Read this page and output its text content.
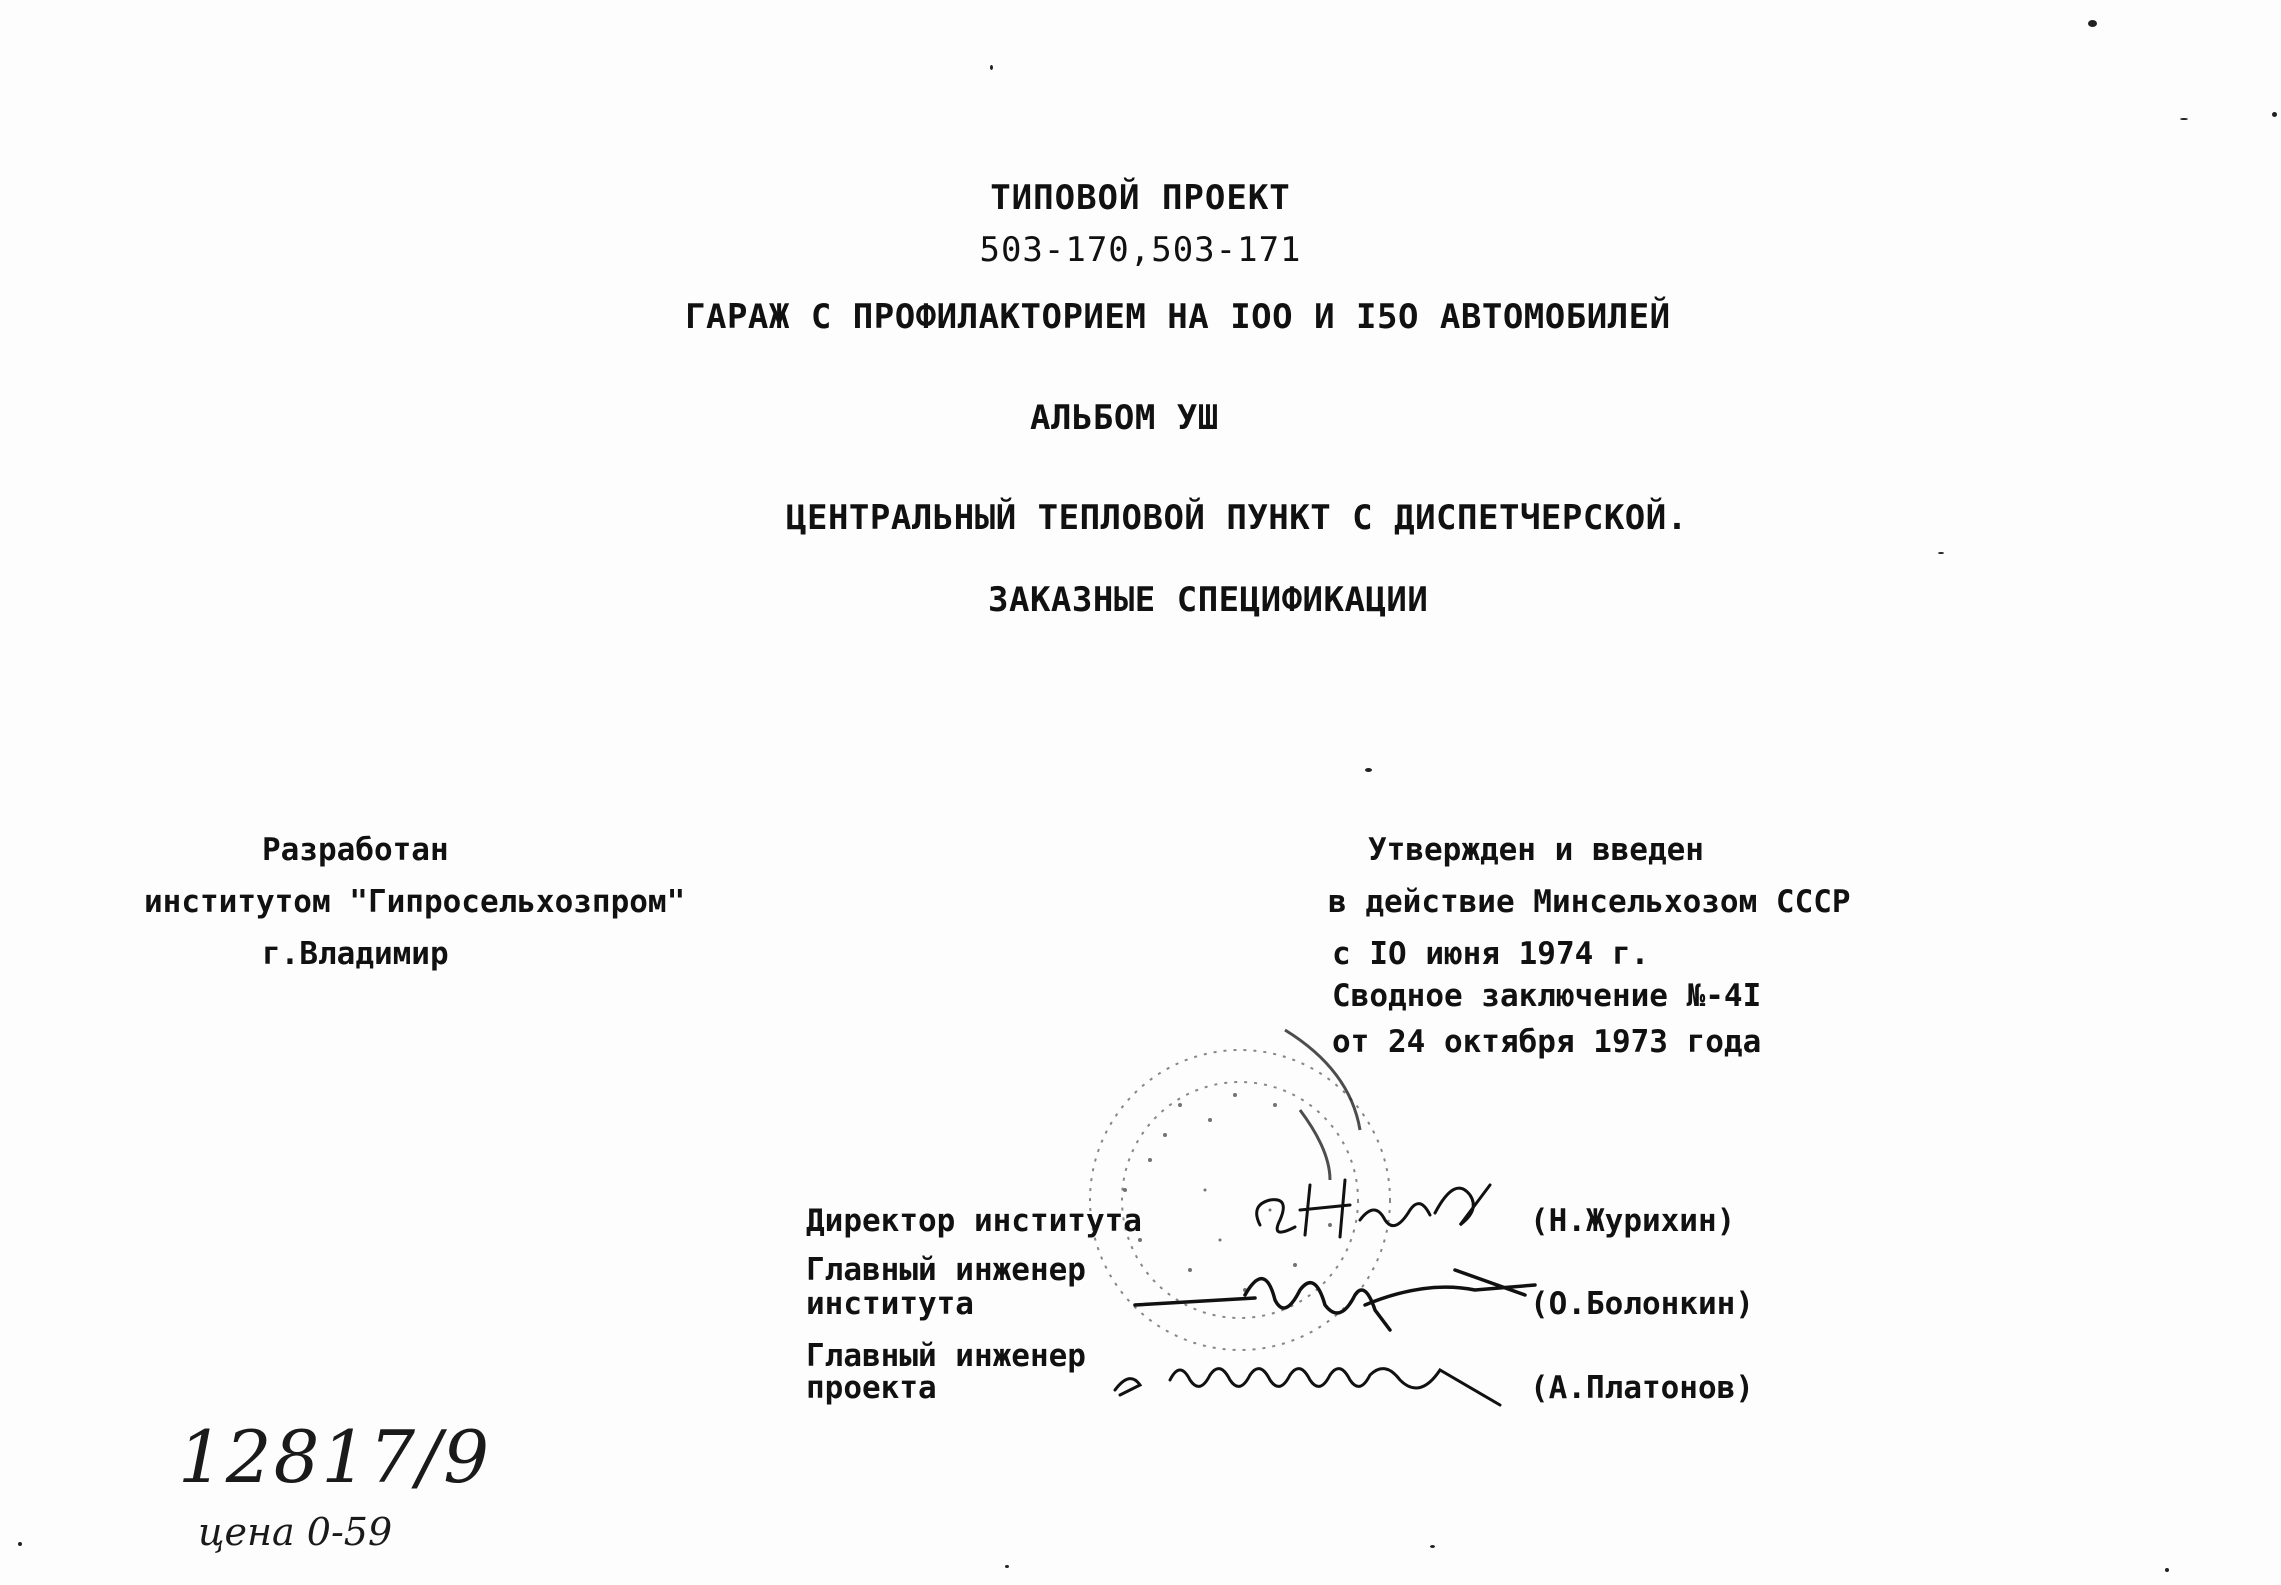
ТИПОВОЙ ПРОЕКТ
503-170,503-171
ГАРАЖ С ПРОФИЛАКТОРИЕМ НА IOO И I5O АВТОМОБИЛЕЙ
АЛЬБОМ УШ
ЦЕНТРАЛЬНЫЙ ТЕПЛОВОЙ ПУНКТ С ДИСПЕТЧЕРСКОЙ.
ЗАКАЗНЫЕ СПЕЦИФИКАЦИИ
Разработан
институтом "Гипросельхозпром"
г.Владимир
Утвержден и введен
в действие Минсельхозом СССР
с IO июня 1974 г.
Сводное заключение №-4I
от 24 октября 1973 года
Директор института	(Н.Журихин)
Главный инженер
института	(О.Болонкин)
Главный инженер
проекта	(А.Платонов)
12817/9
цена 0-59
